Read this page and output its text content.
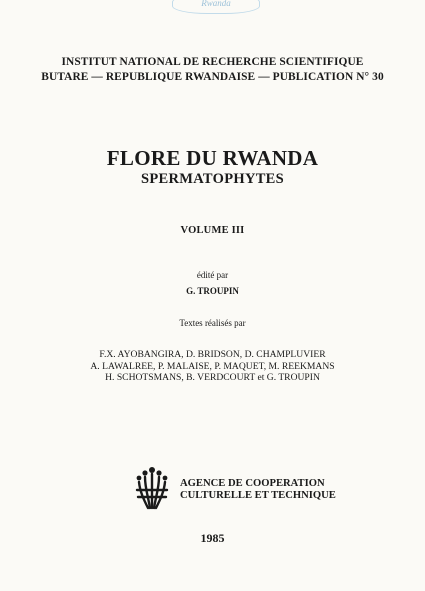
Rwanda
INSTITUT NATIONAL DE RECHERCHE SCIENTIFIQUE
BUTARE — REPUBLIQUE RWANDAISE — PUBLICATION N° 30
FLORE DU RWANDA
SPERMATOPHYTES
VOLUME III
édité par
G. TROUPIN
Textes réalisés par
F.X. AYOBANGIRA, D. BRIDSON, D. CHAMPLUVIER
A. LAWALREE, P. MALAISE, P. MAQUET, M. REEKMANS
H. SCHOTSMANS, B. VERDCOURT et G. TROUPIN
AGENCE DE COOPERATION
CULTURELLE ET TECHNIQUE
1985
